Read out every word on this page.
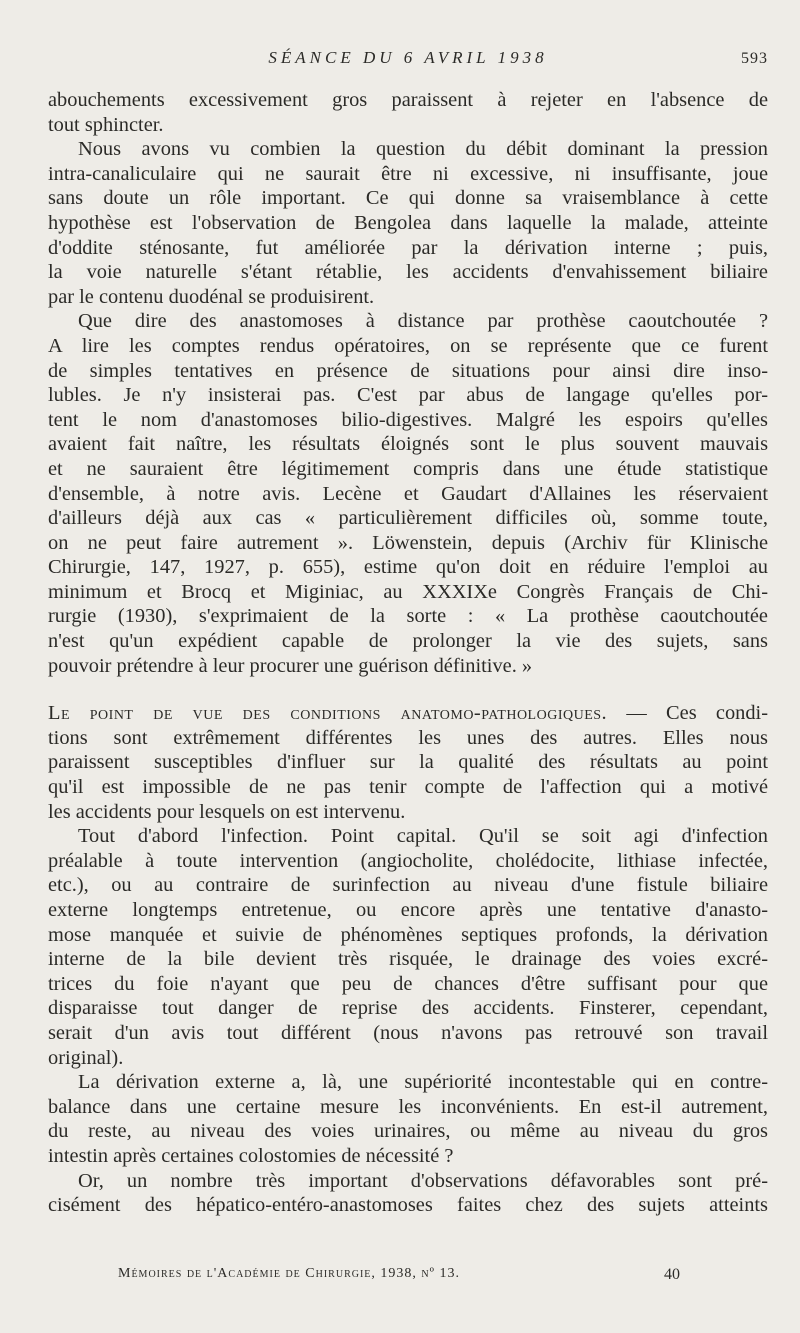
SÉANCE DU 6 AVRIL 1938	593
abouchements excessivement gros paraissent à rejeter en l'absence de
tout sphincter.
Nous avons vu combien la question du débit dominant la pression
intra-canaliculaire qui ne saurait être ni excessive, ni insuffisante, joue
sans doute un rôle important. Ce qui donne sa vraisemblance à cette
hypothèse est l'observation de Bengolea dans laquelle la malade, atteinte
d'oddite sténosante, fut améliorée par la dérivation interne ; puis,
la voie naturelle s'étant rétablie, les accidents d'envahissement biliaire
par le contenu duodénal se produisirent.
Que dire des anastomoses à distance par prothèse caoutchoutée ?
A lire les comptes rendus opératoires, on se représente que ce furent
de simples tentatives en présence de situations pour ainsi dire inso-
lubles. Je n'y insisterai pas. C'est par abus de langage qu'elles por-
tent le nom d'anastomoses bilio-digestives. Malgré les espoirs qu'elles
avaient fait naître, les résultats éloignés sont le plus souvent mauvais
et ne sauraient être légitimement compris dans une étude statistique
d'ensemble, à notre avis. Lecène et Gaudart d'Allaines les réservaient
d'ailleurs déjà aux cas « particulièrement difficiles où, somme toute,
on ne peut faire autrement ». Löwenstein, depuis (Archiv für Klinische
Chirurgie, 147, 1927, p. 655), estime qu'on doit en réduire l'emploi au
minimum et Brocq et Miginiac, au XXXIXe Congrès Français de Chi-
rurgie (1930), s'exprimaient de la sorte : « La prothèse caoutchoutée
n'est qu'un expédient capable de prolonger la vie des sujets, sans
pouvoir prétendre à leur procurer une guérison définitive. »
Le point de vue des conditions anatomo-pathologiques. — Ces condi-
tions sont extrêmement différentes les unes des autres. Elles nous
paraissent susceptibles d'influer sur la qualité des résultats au point
qu'il est impossible de ne pas tenir compte de l'affection qui a motivé
les accidents pour lesquels on est intervenu.
Tout d'abord l'infection. Point capital. Qu'il se soit agi d'infection
préalable à toute intervention (angiocholite, cholédocite, lithiase infectée,
etc.), ou au contraire de surinfection au niveau d'une fistule biliaire
externe longtemps entretenue, ou encore après une tentative d'anasto-
mose manquée et suivie de phénomènes septiques profonds, la dérivation
interne de la bile devient très risquée, le drainage des voies excré-
trices du foie n'ayant que peu de chances d'être suffisant pour que
disparaisse tout danger de reprise des accidents. Finsterer, cependant,
serait d'un avis tout différent (nous n'avons pas retrouvé son travail
original).
La dérivation externe a, là, une supériorité incontestable qui en contre-
balance dans une certaine mesure les inconvénients. En est-il autrement,
du reste, au niveau des voies urinaires, ou même au niveau du gros
intestin après certaines colostomies de nécessité ?
Or, un nombre très important d'observations défavorables sont pré-
cisément des hépatico-entéro-anastomoses faites chez des sujets atteints
Mémoires de l'Académie de Chirurgie, 1938, nº 13.	40
